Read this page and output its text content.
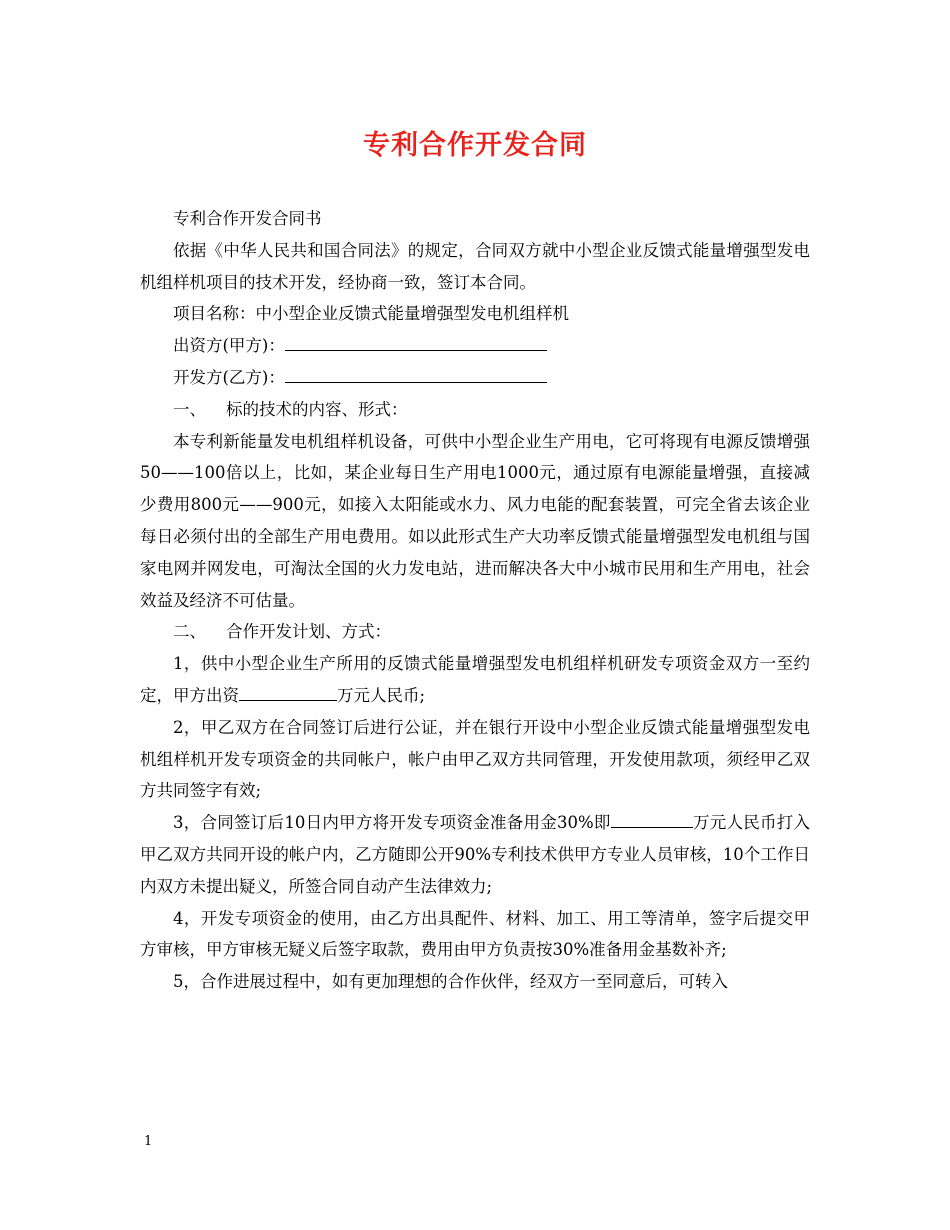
专利合作开发合同

专利合作开发合同书

依据《中华人民共和国合同法》的规定，合同双方就中小型企业反馈式能量增强型发电机组样机项目的技术开发，经协商一致，签订本合同。

项目名称：中小型企业反馈式能量增强型发电机组样机

出资方(甲方)：

开发方(乙方)：

一、 标的技术的内容、形式：

本专利新能量发电机组样机设备，可供中小型企业生产用电，它可将现有电源反馈增强50——100倍以上，比如，某企业每日生产用电1000元，通过原有电源能量增强，直接减少费用800元——900元，如接入太阳能或水力、风力电能的配套装置，可完全省去该企业每日必须付出的全部生产用电费用。如以此形式生产大功率反馈式能量增强型发电机组与国家电网并网发电，可淘汰全国的火力发电站，进而解决各大中小城市民用和生产用电，社会效益及经济不可估量。

二、 合作开发计划、方式：

1，供中小型企业生产所用的反馈式能量增强型发电机组样机研发专项资金双方一至约定，甲方出资	万元人民币;

2，甲乙双方在合同签订后进行公证，并在银行开设中小型企业反馈式能量增强型发电机组样机开发专项资金的共同帐户，帐户由甲乙双方共同管理，开发使用款项，须经甲乙双方共同签字有效;

3，合同签订后10日内甲方将开发专项资金准备用金30%即	万元人民币打入甲乙双方共同开设的帐户内，乙方随即公开90%专利技术供甲方专业人员审核，10个工作日内双方未提出疑义，所签合同自动产生法律效力;

4，开发专项资金的使用，由乙方出具配件、材料、加工、用工等清单，签字后提交甲方审核，甲方审核无疑义后签字取款，费用由甲方负责按30%准备用金基数补齐;

5，合作进展过程中，如有更加理想的合作伙伴，经双方一至同意后，可转入

1
